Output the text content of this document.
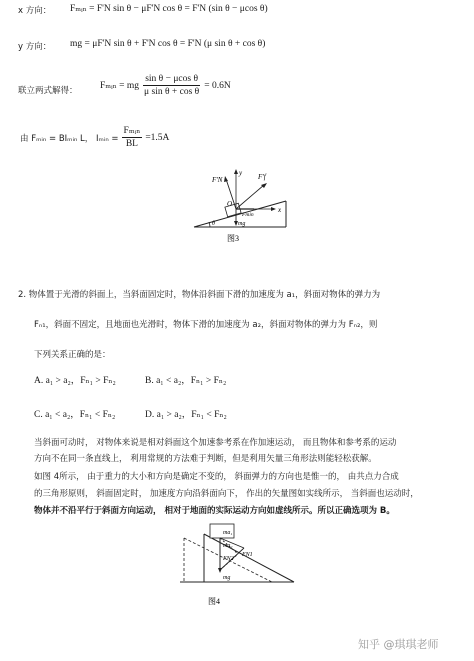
x 方向： Fₘᵢₙ = F'N sin θ − μF'N cos θ = F'N (sin θ − μcos θ)
y 方向： mg = μF'N sin θ + F'N cos θ = F'N (μ sin θ + cos θ)
联立两式解得： Fₘᵢₙ = mg $\frac{\text{sin θ − μcos θ}}{\text{μ sin θ + cos θ}} = 0.6N$
由 Fₘᵢₙ = BIₘᵢₙ L， Iₘᵢₙ = $\frac{\text{Fₘᵢₙ}}{BL} =1.5A$
F'N	F'f
y
x
O
Fmin
mg
θ
图3
2. 物体置于光滑的斜面上，当斜面固定时，物体沿斜面下滑的加速度为 a₁，斜面对物体的弹力为
Fₙ₁，斜面不固定，且地面也光滑时，物体下滑的加速度为 a₂，斜面对物体的弹力为 Fₙ₂，则
下列关系正确的是：
A. a₁ > a₂，Fₙ₁ > Fₙ₂	B. a₁ < a₂，Fₙ₁ > Fₙ₂
C. a₁ < a₂，Fₙ₁ < Fₙ₂	D. a₁ > a₂，Fₙ₁ < Fₙ₂
当斜面可动时， 对物体来说是相对斜面这个加速参考系在作加速运动， 而且物体和参考系的运动
方向不在同一条直线上， 利用常规的方法难于判断，但是利用矢量三角形法则能轻松获解。
如图 4所示， 由于重力的大小和方向是确定不变的， 斜面弹力的方向也是惟一的， 由共点力合成
的三角形原则， 斜面固定时， 加速度方向沿斜面向下， 作出的矢量图如实线所示， 当斜面也运动时，
物体并不沿平行于斜面方向运动， 相对于地面的实际运动方向如虚线所示。所以正确选项为 B。
ma₁
ma₂
FN1
FN2
mg
图4
知乎 @琪琪老师
